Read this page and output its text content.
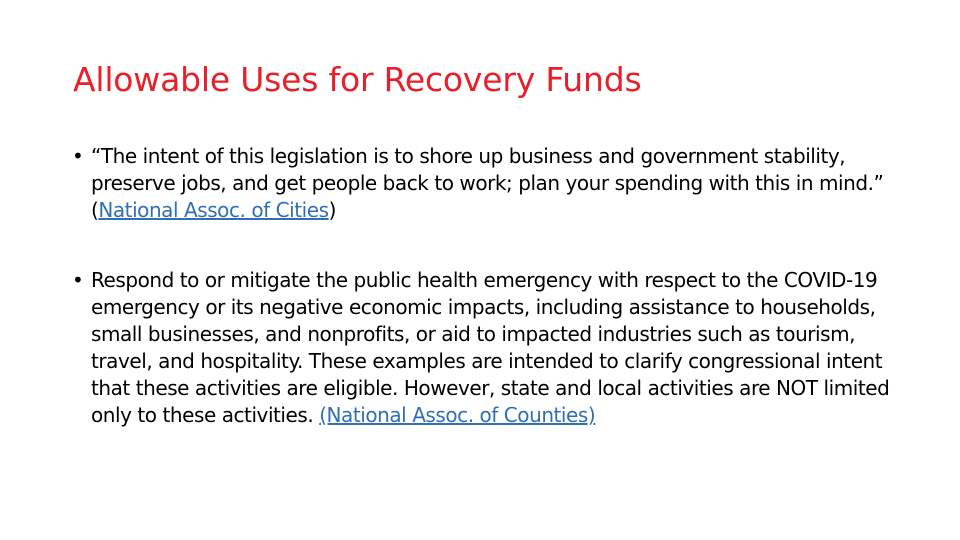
Allowable Uses for Recovery Funds
• “The intent of this legislation is to shore up business and government stability, preserve jobs, and get people back to work; plan your spending with this in mind.” (National Assoc. of Cities)
• Respond to or mitigate the public health emergency with respect to the COVID-19 emergency or its negative economic impacts, including assistance to households, small businesses, and nonprofits, or aid to impacted industries such as tourism, travel, and hospitality. These examples are intended to clarify congressional intent that these activities are eligible. However, state and local activities are NOT limited only to these activities. (National Assoc. of Counties)
